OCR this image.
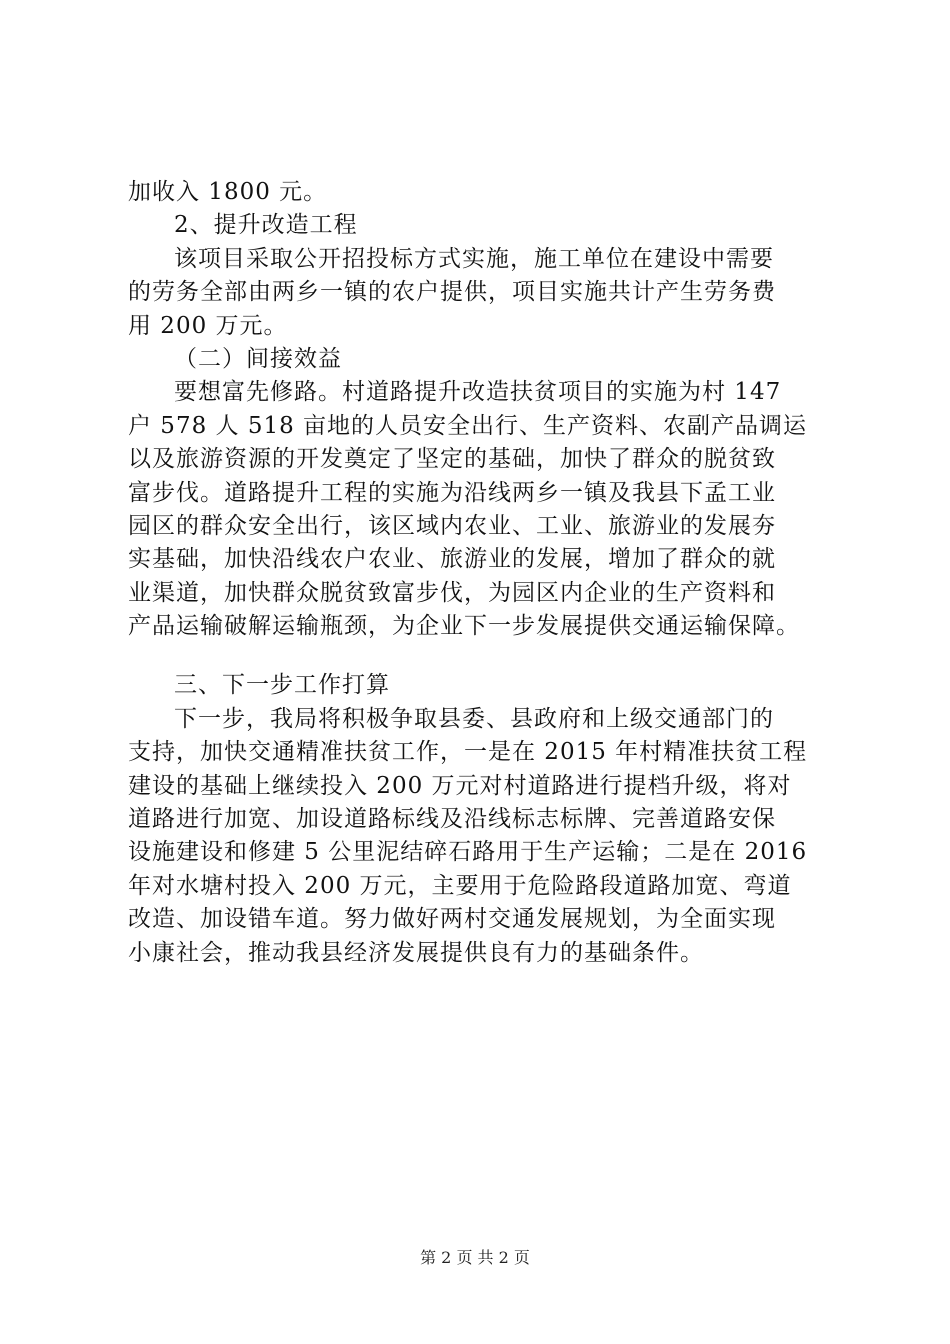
加收入 1800 元。
2、提升改造工程
该项目采取公开招投标方式实施，施工单位在建设中需要
的劳务全部由两乡一镇的农户提供，项目实施共计产生劳务费
用 200 万元。
（二）间接效益
要想富先修路。村道路提升改造扶贫项目的实施为村 147
户 578 人 518 亩地的人员安全出行、生产资料、农副产品调运
以及旅游资源的开发奠定了坚定的基础，加快了群众的脱贫致
富步伐。道路提升工程的实施为沿线两乡一镇及我县下孟工业
园区的群众安全出行，该区域内农业、工业、旅游业的发展夯
实基础，加快沿线农户农业、旅游业的发展，增加了群众的就
业渠道，加快群众脱贫致富步伐，为园区内企业的生产资料和
产品运输破解运输瓶颈，为企业下一步发展提供交通运输保障。
三、下一步工作打算
下一步，我局将积极争取县委、县政府和上级交通部门的
支持，加快交通精准扶贫工作，一是在 2015 年村精准扶贫工程
建设的基础上继续投入 200 万元对村道路进行提档升级，将对
道路进行加宽、加设道路标线及沿线标志标牌、完善道路安保
设施建设和修建 5 公里泥结碎石路用于生产运输；二是在 2016
年对水塘村投入 200 万元，主要用于危险路段道路加宽、弯道
改造、加设错车道。努力做好两村交通发展规划，为全面实现
小康社会，推动我县经济发展提供良有力的基础条件。
第 2 页 共 2 页
